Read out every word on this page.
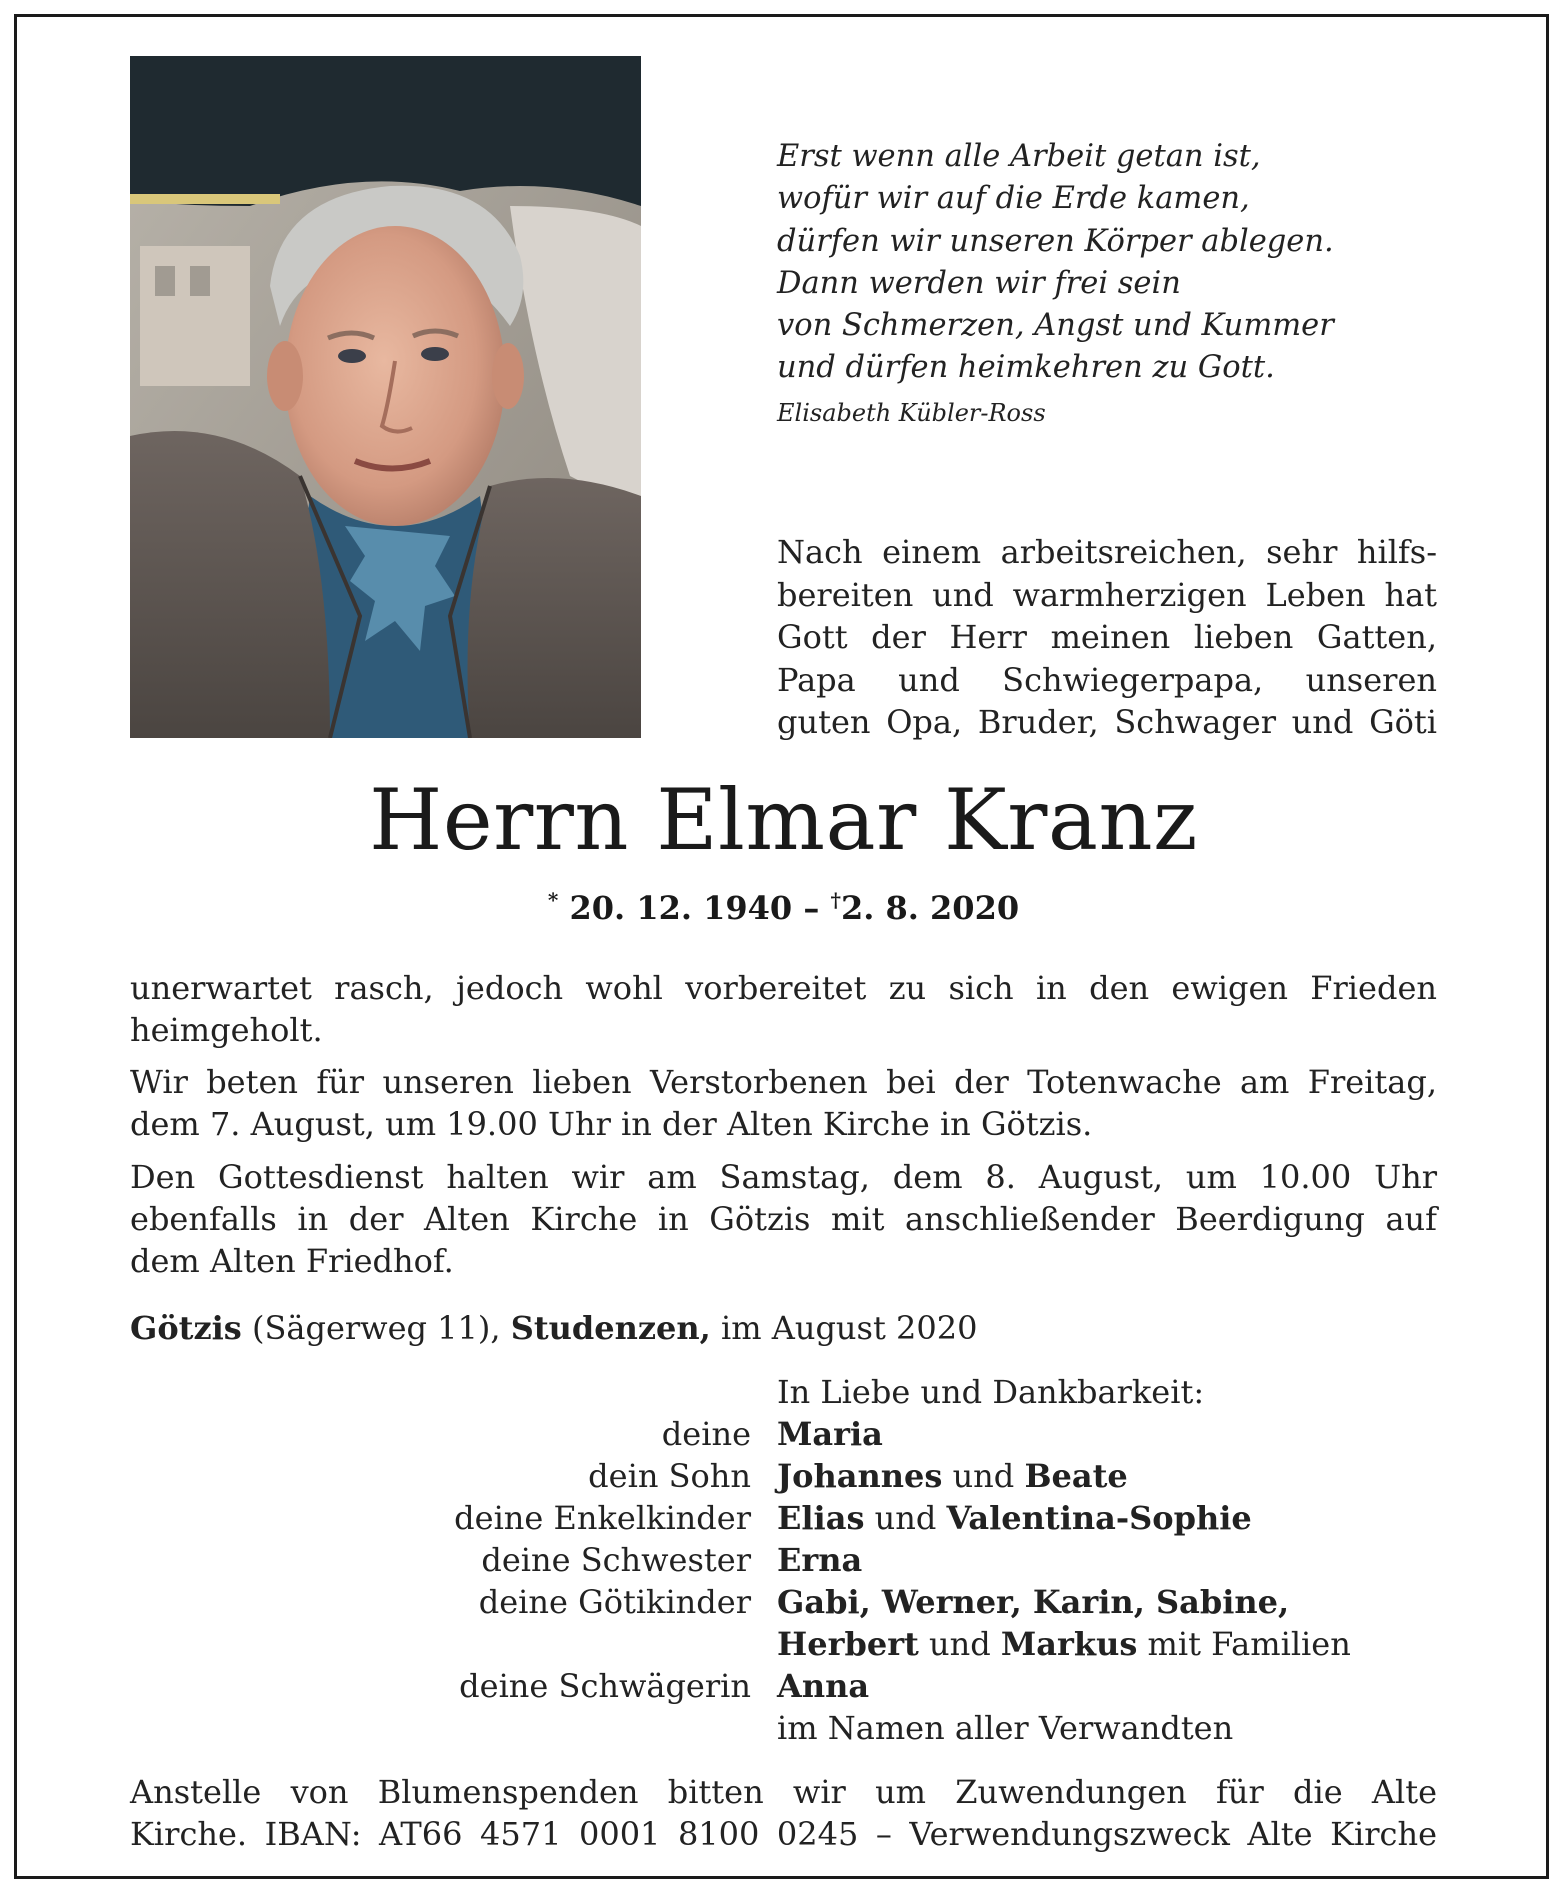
Erst wenn alle Arbeit getan ist,
wofür wir auf die Erde kamen,
dürfen wir unseren Körper ablegen.
Dann werden wir frei sein
von Schmerzen, Angst und Kummer
und dürfen heimkehren zu Gott.
Elisabeth Kübler-Ross
Nach einem arbeitsreichen, sehr hilfs-
bereiten und warmherzigen Leben hat
Gott der Herr meinen lieben Gatten,
Papa und Schwiegerpapa, unseren
guten Opa, Bruder, Schwager und Göti
Herrn Elmar Kranz
* 20. 12. 1940 – †2. 8. 2020
unerwartet rasch, jedoch wohl vorbereitet zu sich in den ewigen Frieden
heimgeholt.
Wir beten für unseren lieben Verstorbenen bei der Totenwache am Freitag,
dem 7. August, um 19.00 Uhr in der Alten Kirche in Götzis.
Den Gottesdienst halten wir am Samstag, dem 8. August, um 10.00 Uhr
ebenfalls in der Alten Kirche in Götzis mit anschließender Beerdigung auf
dem Alten Friedhof.
Götzis (Sägerweg 11), Studenzen, im August 2020
In Liebe und Dankbarkeit:
deine Maria
dein Sohn Johannes und Beate
deine Enkelkinder Elias und Valentina-Sophie
deine Schwester Erna
deine Götikinder Gabi, Werner, Karin, Sabine,
Herbert und Markus mit Familien
deine Schwägerin Anna
im Namen aller Verwandten
Anstelle von Blumenspenden bitten wir um Zuwendungen für die Alte
Kirche. IBAN: AT66 4571 0001 8100 0245 – Verwendungszweck Alte Kirche
